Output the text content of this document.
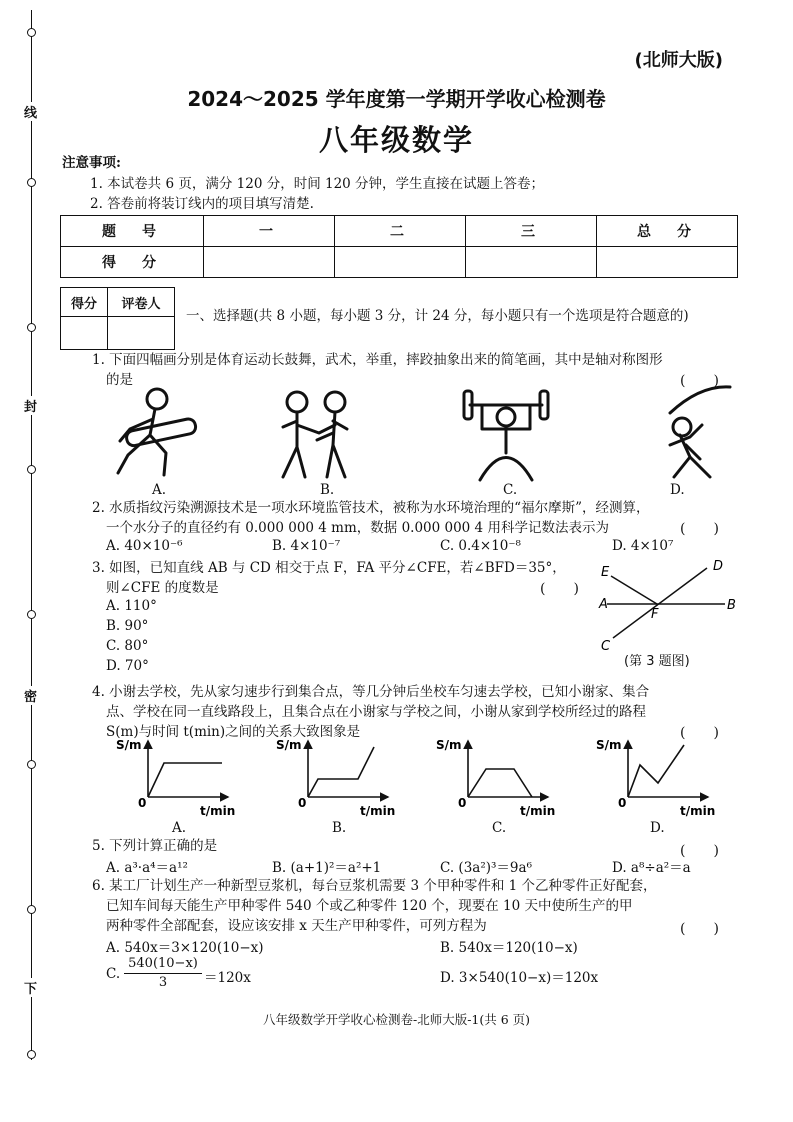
线
封
密
下
(北师大版)
2024～2025 学年度第一学期开学收心检测卷
八年级数学
注意事项:
1. 本试卷共 6 页，满分 120 分，时间 120 分钟，学生直接在试题上答卷；
2. 答卷前将装订线内的项目填写清楚.
题　号	一	二	三	总　分
得　分				
得分	评卷人

一、选择题(共 8 小题，每小题 3 分，计 24 分，每小题只有一个选项是符合题意的)
1. 下面四幅画分别是体育运动长鼓舞，武术，举重，摔跤抽象出来的简笔画，其中是轴对称图形
的是	(　　)
A.	B.	C.	D.
2. 水质指纹污染溯源技术是一项水环境监管技术，被称为水环境治理的“福尔摩斯”，经测算，
一个水分子的直径约有 0.000 000 4 mm，数据 0.000 000 4 用科学记数法表示为	(　　)
A. 40×10⁻⁶	B. 4×10⁻⁷	C. 0.4×10⁻⁸	D. 4×10⁷
3. 如图，已知直线 AB 与 CD 相交于点 F，FA 平分∠CFE，若∠BFD＝35°，
则∠CFE 的度数是	(　　)
A. 110°
B. 90°
C. 80°
D. 70°
E	D
A
F
B
C
(第 3 题图)
4. 小谢去学校，先从家匀速步行到集合点，等几分钟后坐校车匀速去学校，已知小谢家、集合
点、学校在同一直线路段上，且集合点在小谢家与学校之间，小谢从家到学校所经过的路程
S(m)与时间 t(min)之间的关系大致图象是	(　　)
S/m	S/m	S/m	S/m
0	0	0	0
t/min	t/min	t/min	t/min
A.	B.	C.	D.
5. 下列计算正确的是	(　　)
A. a³·a⁴＝a¹²	B. (a+1)²＝a²+1	C. (3a²)³＝9a⁶	D. a⁸÷a²＝a
6. 某工厂计划生产一种新型豆浆机，每台豆浆机需要 3 个甲种零件和 1 个乙种零件正好配套，
已知车间每天能生产甲种零件 540 个或乙种零件 120 个，现要在 10 天中使所生产的甲
两种零件全部配套，设应该安排 x 天生产甲种零件，可列方程为	(　　)
A. 540x＝3×120(10−x)	B. 540x＝120(10−x)
C.
540(10−x)
3	＝120x	D. 3×540(10−x)＝120x
八年级数学开学收心检测卷-北师大版-1(共 6 页)
